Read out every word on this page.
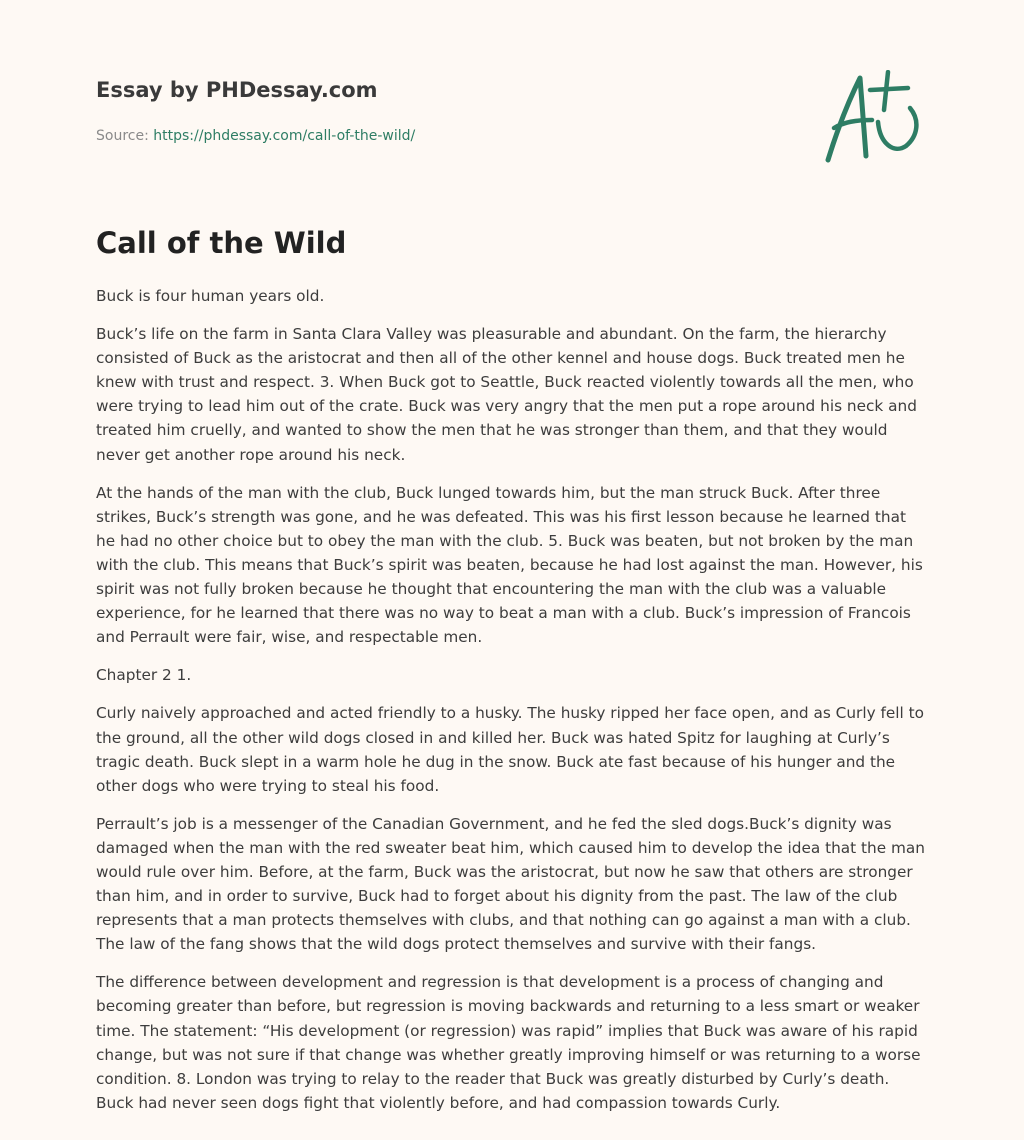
Essay by PHDessay.com
Source: https://phdessay.com/call-of-the-wild/
Call of the Wild

Buck is four human years old.

Buck’s life on the farm in Santa Clara Valley was pleasurable and abundant. On the farm, the hierarchy consisted of Buck as the aristocrat and then all of the other kennel and house dogs. Buck treated men he knew with trust and respect. 3. When Buck got to Seattle, Buck reacted violently towards all the men, who were trying to lead him out of the crate. Buck was very angry that the men put a rope around his neck and treated him cruelly, and wanted to show the men that he was stronger than them, and that they would never get another rope around his neck.

At the hands of the man with the club, Buck lunged towards him, but the man struck Buck. After three strikes, Buck’s strength was gone, and he was defeated. This was his first lesson because he learned that he had no other choice but to obey the man with the club. 5. Buck was beaten, but not broken by the man with the club. This means that Buck’s spirit was beaten, because he had lost against the man. However, his spirit was not fully broken because he thought that encountering the man with the club was a valuable experience, for he learned that there was no way to beat a man with a club. Buck’s impression of Francois and Perrault were fair, wise, and respectable men.

Chapter 2 1.

Curly naively approached and acted friendly to a husky. The husky ripped her face open, and as Curly fell to the ground, all the other wild dogs closed in and killed her. Buck was hated Spitz for laughing at Curly’s tragic death. Buck slept in a warm hole he dug in the snow. Buck ate fast because of his hunger and the other dogs who were trying to steal his food.

Perrault’s job is a messenger of the Canadian Government, and he fed the sled dogs.Buck’s dignity was damaged when the man with the red sweater beat him, which caused him to develop the idea that the man would rule over him. Before, at the farm, Buck was the aristocrat, but now he saw that others are stronger than him, and in order to survive, Buck had to forget about his dignity from the past. The law of the club represents that a man protects themselves with clubs, and that nothing can go against a man with a club. The law of the fang shows that the wild dogs protect themselves and survive with their fangs.

The difference between development and regression is that development is a process of changing and becoming greater than before, but regression is moving backwards and returning to a less smart or weaker time. The statement: “His development (or regression) was rapid” implies that Buck was aware of his rapid change, but was not sure if that change was whether greatly improving himself or was returning to a worse condition. 8. London was trying to relay to the reader that Buck was greatly disturbed by Curly’s death. Buck had never seen dogs fight that violently before, and had compassion towards Curly.
